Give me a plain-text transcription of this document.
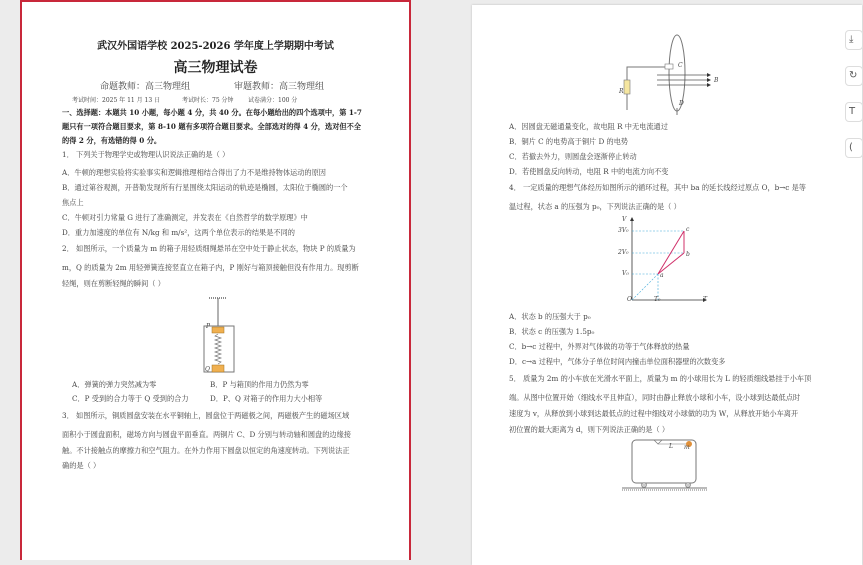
武汉外国语学校 2025-2026 学年度上学期期中考试
高三物理试卷
命题教师：高三物理组	审题教师：高三物理组
考试时间：2025 年 11 月 13 日	考试时长：75 分钟 试卷满分：100 分
一、选择题：本题共 10 小题，每小题 4 分，共 40 分。在每小题给出的四个选项中，第 1-7
题只有一项符合题目要求，第 8-10 题有多项符合题目要求。全部选对的得 4 分，选对但不全
的得 2 分，有选错的得 0 分。
1． 下列关于物理学史或物理认识说法正确的是（ ）
A．牛顿的理想实验将实验事实和逻辑推理相结合得出了力不是维持物体运动的原因
B．通过第谷观测，开普勒发现所有行星围绕太阳运动的轨迹是椭圆，太阳位于椭圆的一个
焦点上
C．牛顿对引力常量 G 进行了准确测定，并发表在《自然哲学的数学原理》中
D．重力加速度的单位有 N/kg 和 m/s²，这两个单位表示的结果是不同的
2． 如图所示，一个质量为 m 的箱子用轻质细绳悬吊在空中处于静止状态，物块 P 的质量为
m，Q 的质量为 2m 用轻弹簧连接竖直立在箱子内，P 刚好与箱顶接触但没有作用力。现剪断
轻绳，则在剪断轻绳的瞬间（ ）
P
Q
A．弹簧的弹力突然减为零	B．P 与箱顶的作用力仍然为零
C．P 受到的合力等于 Q 受到的合力	D．P、Q 对箱子的作用力大小相等
3． 如图所示，铜质圆盘安装在水平铜轴上，圆盘位于两磁极之间，两磁极产生的磁场区域
面积小于圆盘面积，磁场方向与圆盘平面垂直。两铜片 C、D 分别与转动轴和圆盘的边缘接
触。不计接触点的摩擦力和空气阻力。在外力作用下圆盘以恒定的角速度转动。下列说法正
确的是（ ）
R
C
D
B
A．因圆盘无磁通量变化，故电阻 R 中无电流通过
B．铜片 C 的电势高于铜片 D 的电势
C．若撤去外力，则圆盘会逐渐停止转动
D．若使圆盘反向转动，电阻 R 中的电流方向不变
4． 一定质量的理想气体经历如图所示的循环过程，其中 ba 的延长线经过原点 O，b→c 是等
温过程，状态 a 的压强为 p₀，下列说法正确的是（ ）
V
T
O
3V₀
2V₀
V₀
T₀
a
b
c
A．状态 b 的压强大于 p₀
B．状态 c 的压强为 1.5p₀
C．b→c 过程中，外界对气体做的功等于气体释放的热量
D．c→a 过程中，气体分子单位时间内撞击单位面积器壁的次数变多
5． 质量为 2m 的小车放在光滑水平面上，质量为 m 的小球用长为 L 的轻质细线悬挂于小车顶
端。从图中位置开始（细线水平且伸直），同时由静止释放小球和小车，设小球到达最低点时
速度为 v，从释放到小球到达最低点的过程中细线对小球做的功为 W，从释放开始小车离开
初位置的最大距离为 d，则下列说法正确的是（ ）
L m
⤓
↻
T
(
